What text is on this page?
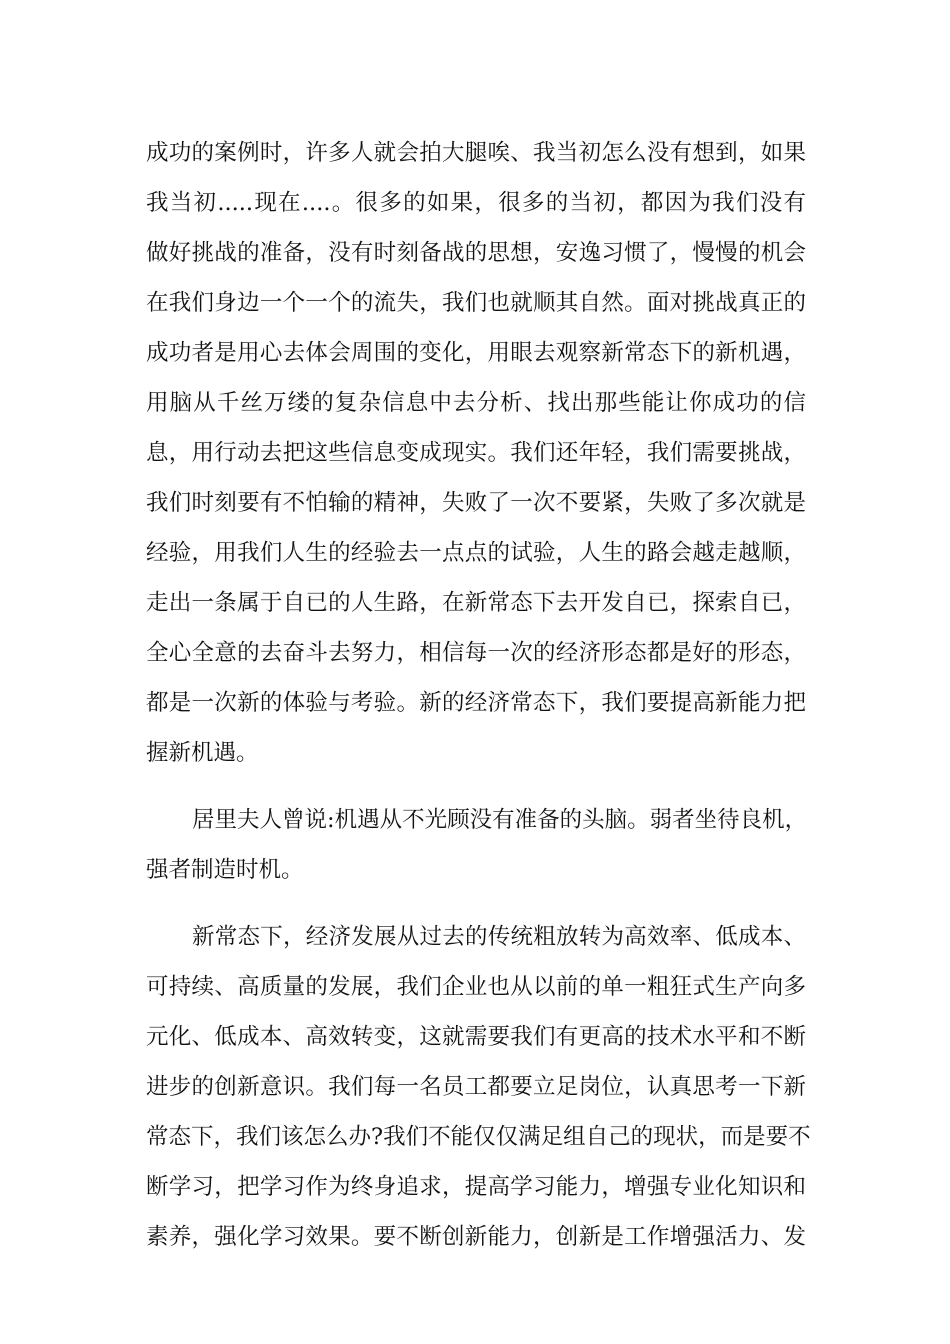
成功的案例时，许多人就会拍大腿唉、我当初怎么没有想到，如果
我当初.....现在....。很多的如果，很多的当初，都因为我们没有
做好挑战的准备，没有时刻备战的思想，安逸习惯了，慢慢的机会
在我们身边一个一个的流失，我们也就顺其自然。面对挑战真正的
成功者是用心去体会周围的变化，用眼去观察新常态下的新机遇，
用脑从千丝万缕的复杂信息中去分析、找出那些能让你成功的信
息，用行动去把这些信息变成现实。我们还年轻，我们需要挑战，
我们时刻要有不怕输的精神，失败了一次不要紧，失败了多次就是
经验，用我们人生的经验去一点点的试验，人生的路会越走越顺，
走出一条属于自已的人生路，在新常态下去开发自已，探索自已，
全心全意的去奋斗去努力，相信每一次的经济形态都是好的形态，
都是一次新的体验与考验。新的经济常态下，我们要提高新能力把
握新机遇。
居里夫人曾说:机遇从不光顾没有准备的头脑。弱者坐待良机，
强者制造时机。
新常态下，经济发展从过去的传统粗放转为高效率、低成本、
可持续、高质量的发展，我们企业也从以前的单一粗狂式生产向多
元化、低成本、高效转变，这就需要我们有更高的技术水平和不断
进步的创新意识。我们每一名员工都要立足岗位，认真思考一下新
常态下，我们该怎么办?我们不能仅仅满足组自己的现状，而是要不
断学习，把学习作为终身追求，提高学习能力，增强专业化知识和
素养，强化学习效果。要不断创新能力，创新是工作增强活力、发
